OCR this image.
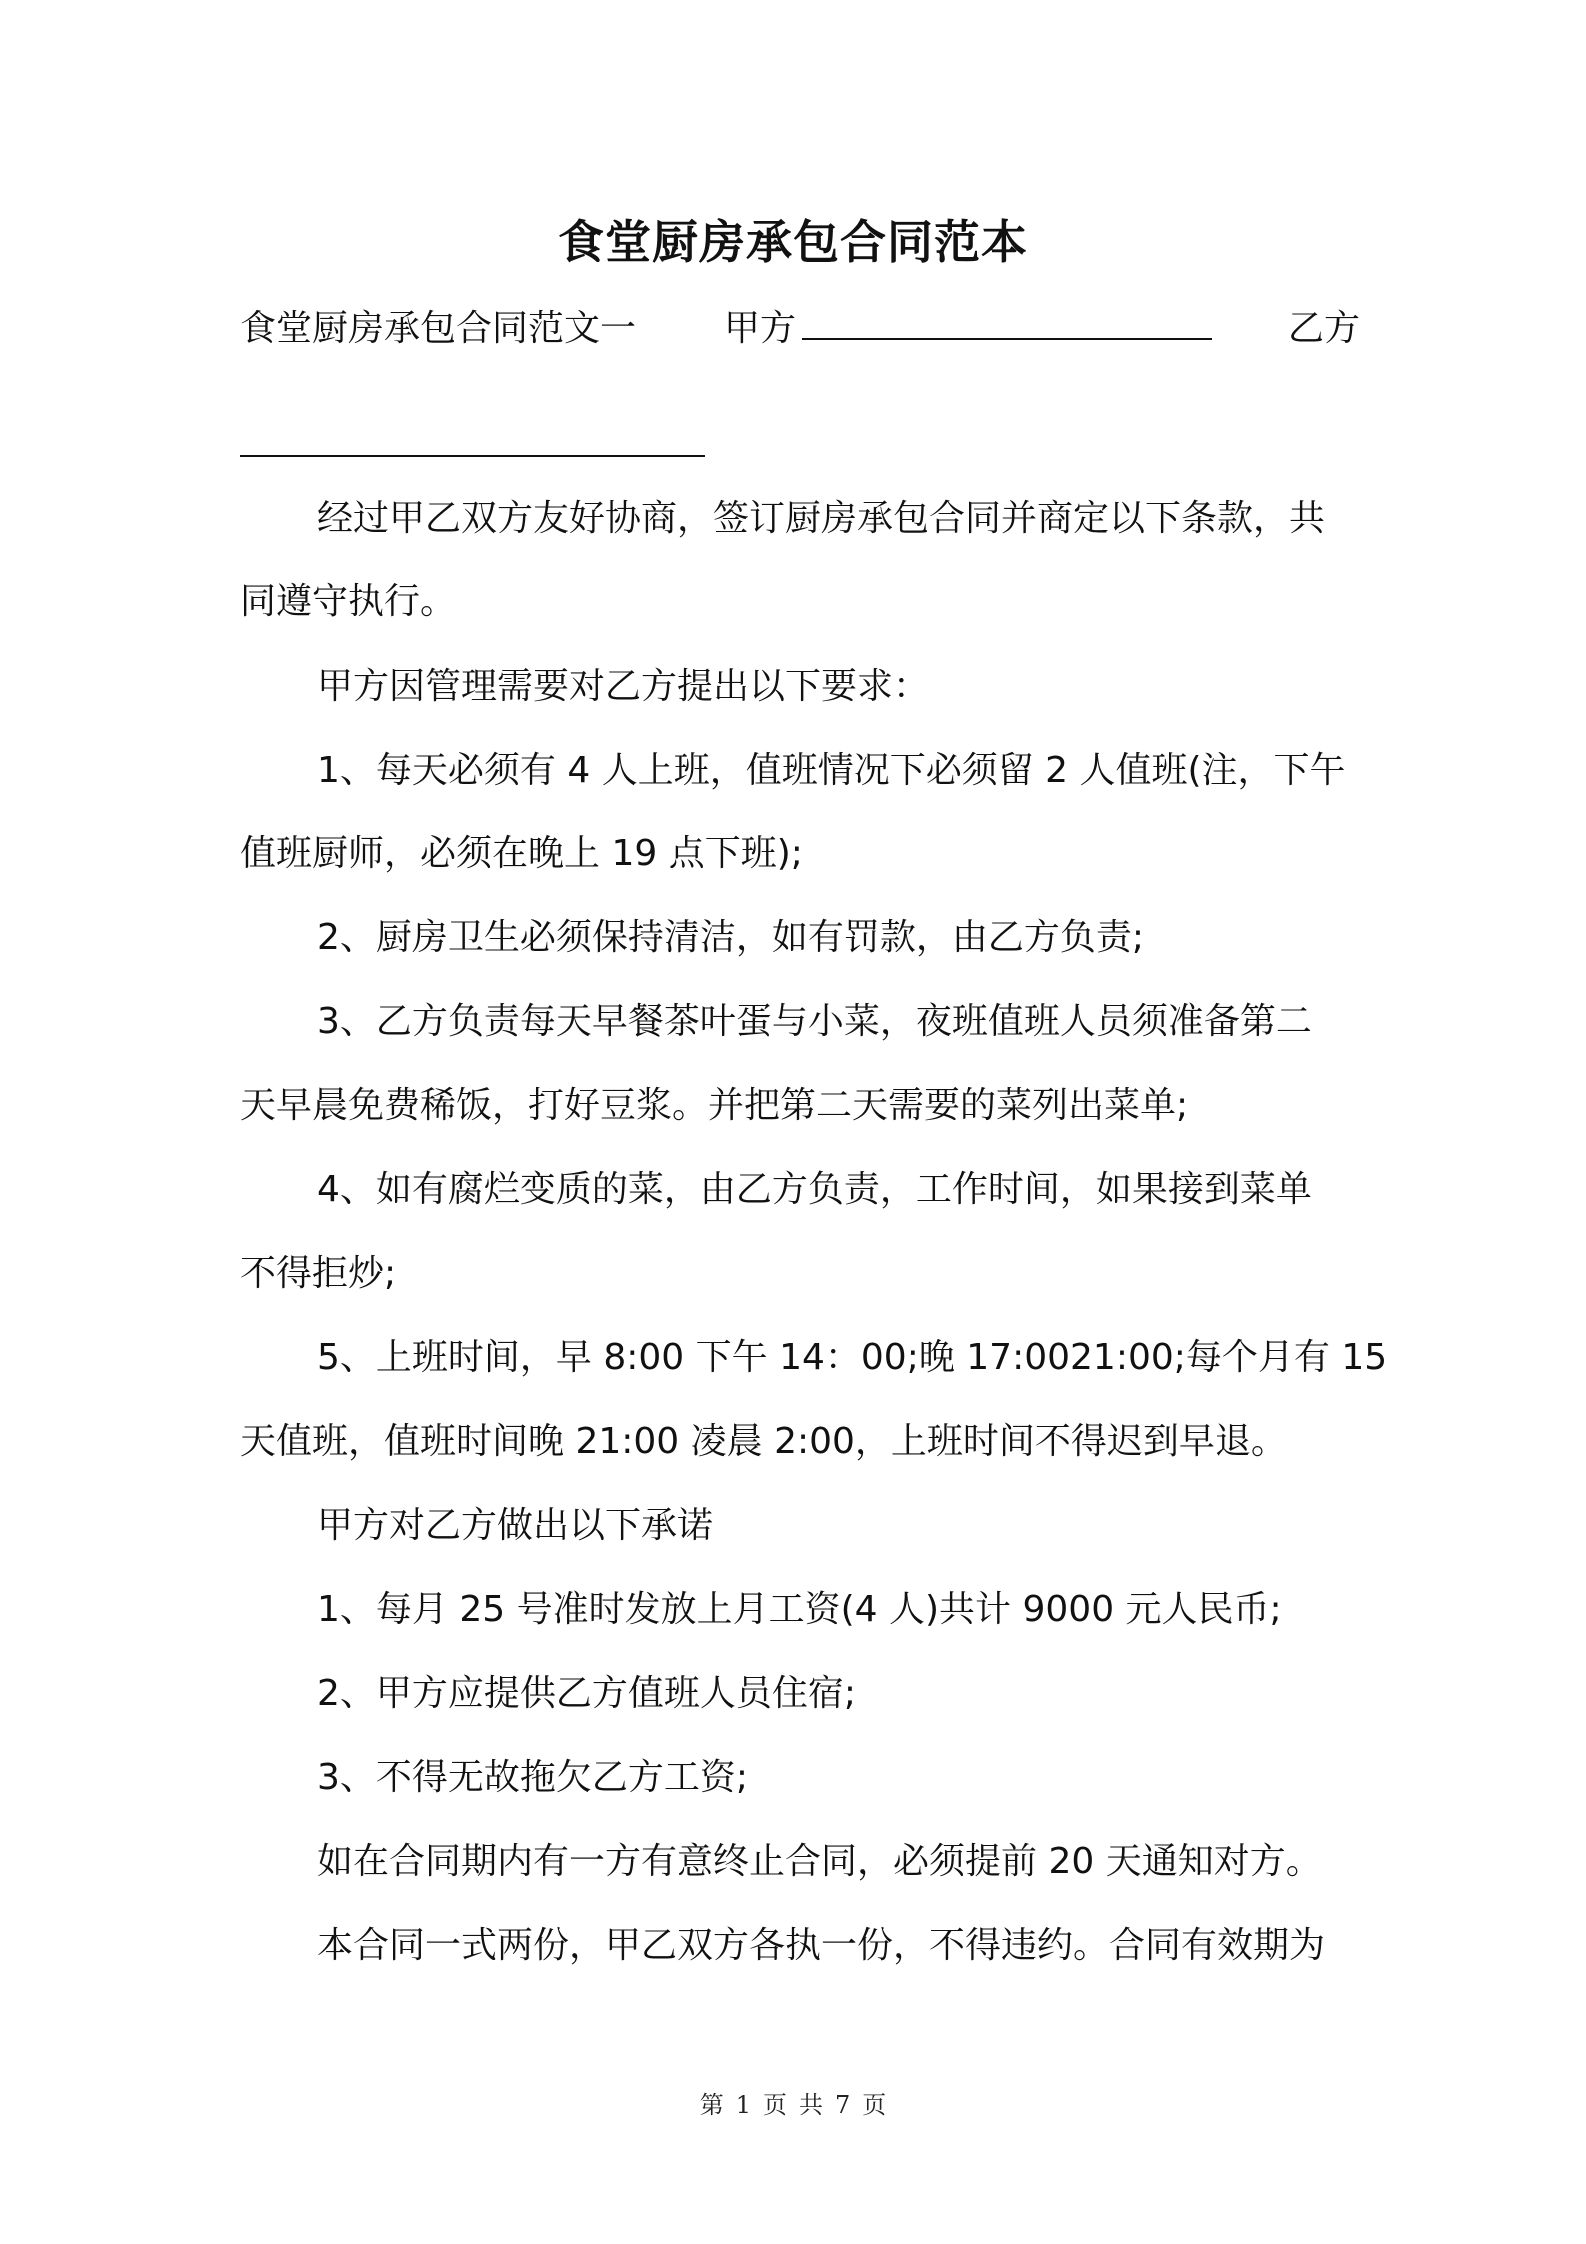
食堂厨房承包合同范本
食堂厨房承包合同范文一 甲方	乙方
经过甲乙双方友好协商，签订厨房承包合同并商定以下条款，共
同遵守执行。
甲方因管理需要对乙方提出以下要求：
1、每天必须有 4 人上班，值班情况下必须留 2 人值班(注，下午
值班厨师，必须在晚上 19 点下班);
2、厨房卫生必须保持清洁，如有罚款，由乙方负责;
3、乙方负责每天早餐茶叶蛋与小菜，夜班值班人员须准备第二
天早晨免费稀饭，打好豆浆。并把第二天需要的菜列出菜单;
4、如有腐烂变质的菜，由乙方负责，工作时间，如果接到菜单
不得拒炒;
5、上班时间，早 8:00 下午 14：00;晚 17:0021:00;每个月有 15
天值班，值班时间晚 21:00 凌晨 2:00，上班时间不得迟到早退。
甲方对乙方做出以下承诺
1、每月 25 号准时发放上月工资(4 人)共计 9000 元人民币;
2、甲方应提供乙方值班人员住宿;
3、不得无故拖欠乙方工资;
如在合同期内有一方有意终止合同，必须提前 20 天通知对方。
本合同一式两份，甲乙双方各执一份，不得违约。合同有效期为
第 1 页 共 7 页
